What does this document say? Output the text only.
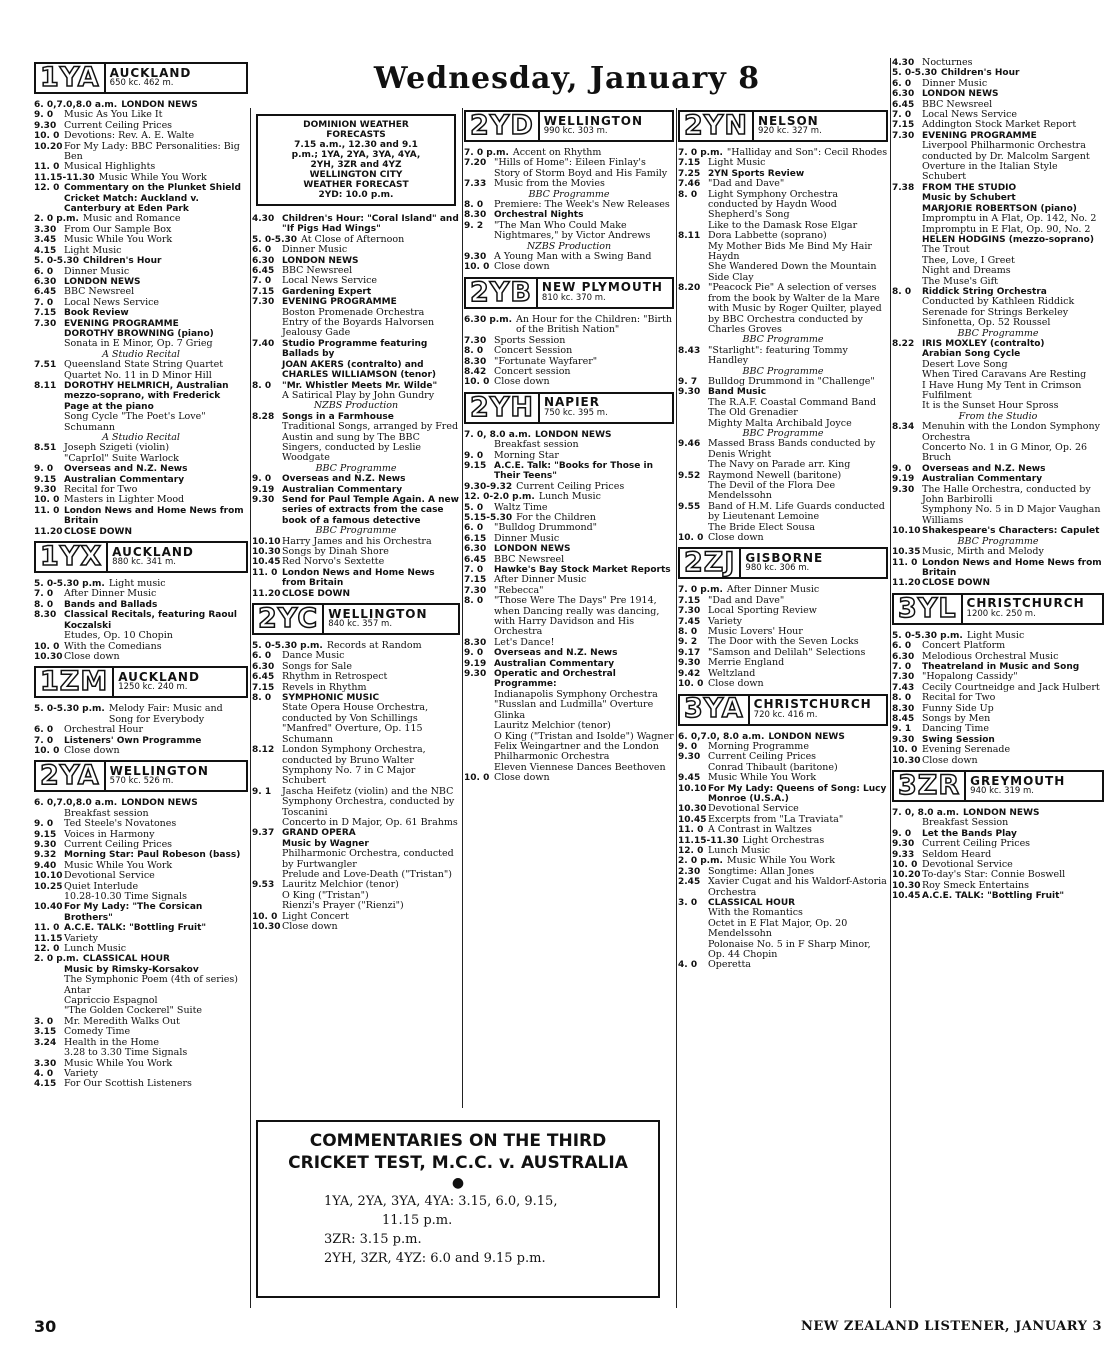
Wednesday, January 8
1YA AUCKLAND
650 kc. 462 m.
6. 0,7.0,8.0 a.m. LONDON NEWS
9. 0	Music As You Like It
9.30 Current Ceiling Prices
10. 0 Devotions: Rev. A. E. Walte
10.20 For My Lady: BBC Personalities: Big Ben
11. 0 Musical Highlights
11.15-11.30 Music While You Work
12. 0 Commentary on the Plunket Shield Cricket Match: Auckland v. Canterbury at Eden Park
2. 0 p.m. Music and Romance
3.30 From Our Sample Box
3.45 Music While You Work
4.15 Light Music
5. 0-5.30 Children's Hour
6. 0	Dinner Music
6.30 LONDON NEWS
6.45 BBC Newsreel
7. 0	Local News Service
7.15 Book Review
7.30 EVENING PROGRAMME
DOROTHY BROWNING (piano)
Sonata in E Minor, Op. 7 Grieg
A Studio Recital
7.51 Queensland State String Quartet
Quartet No. 11 in D Minor Hill
8.11 DOROTHY HELMRICH, Australian mezzo-soprano, with Frederick Page at the piano
Song Cycle "The Poet's Love" Schumann
A Studio Recital
8.51 Joseph Szigeti (violin)
"CaprIol" Suite Warlock
9. 0	Overseas and N.Z. News
9.15 Australian Commentary
9.30 Recital for Two
10. 0 Masters in Lighter Mood
11. 0 London News and Home News from Britain
11.20 CLOSE DOWN
1YX AUCKLAND
880 kc. 341 m.
5. 0-5.30 p.m. Light music
7. 0	After Dinner Music
8. 0	Bands and Ballads
8.30 Classical Recitals, featuring Raoul Koczalski
Etudes, Op. 10 Chopin
10. 0 With the Comedians
10.30 Close down
1ZM AUCKLAND
1250 kc. 240 m.
5. 0-5.30 p.m. Melody Fair: Music and Song for Everybody
6. 0	Orchestral Hour
7. 0	Listeners' Own Programme
10. 0 Close down
2YA WELLINGTON
570 kc. 526 m.
6. 0,7.0,8.0 a.m. LONDON NEWS
Breakfast session
9. 0	Ted Steele's Novatones
9.15 Voices in Harmony
9.30 Current Ceiling Prices
9.32 Morning Star: Paul Robeson (bass)
9.40 Music While You Work
10.10 Devotional Service
10.25 Quiet Interlude
10.28-10.30 Time Signals
10.40 For My Lady: "The Corsican Brothers"
11. 0 A.C.E. TALK: "Bottling Fruit"
11.15 Variety
12. 0 Lunch Music
2. 0 p.m. CLASSICAL HOUR
Music by Rimsky-Korsakov
The Symphonic Poem (4th of series)
Antar
Capriccio Espagnol
"The Golden Cockerel" Suite
3. 0	Mr. Meredith Walks Out
3.15 Comedy Time
3.24 Health in the Home
3.28 to 3.30 Time Signals
3.30 Music While You Work
4. 0	Variety
4.15 For Our Scottish Listeners
DOMINION WEATHER
FORECASTS
7.15 a.m., 12.30 and 9.1
p.m.; 1YA, 2YA, 3YA, 4YA,
2YH, 3ZR and 4YZ
WELLINGTON CITY
WEATHER FORECAST
2YD: 10.0 p.m.
4.30 Children's Hour: "Coral Island" and "If Pigs Had Wings"
5. 0-5.30 At Close of Afternoon
6. 0	Dinner Music
6.30 LONDON NEWS
6.45 BBC Newsreel
7. 0	Local News Service
7.15 Gardening Expert
7.30 EVENING PROGRAMME
Boston Promenade Orchestra
Entry of the Boyards Halvorsen
Jealousy Gade
7.40 Studio Programme featuring Ballads by
JOAN AKERS (contralto) and
CHARLES WILLIAMSON (tenor)
8. 0	"Mr. Whistler Meets Mr. Wilde"
A Satirical Play by John Gundry
NZBS Production
8.28 Songs in a Farmhouse
Traditional Songs, arranged by Fred Austin and sung by The BBC Singers, conducted by Leslie Woodgate
BBC Programme
9. 0	Overseas and N.Z. News
9.19 Australian Commentary
9.30 Send for Paul Temple Again. A new series of extracts from the case book of a famous detective
BBC Programme
10.10 Harry James and his Orchestra
10.30 Songs by Dinah Shore
10.45 Red Norvo's Sextette
11. 0 London News and Home News from Britain
11.20 CLOSE DOWN
2YC WELLINGTON
840 kc. 357 m.
5. 0-5.30 p.m. Records at Random
6. 0	Dance Music
6.30 Songs for Sale
6.45 Rhythm in Retrospect
7.15 Revels in Rhythm
8. 0	SYMPHONIC MUSIC
State Opera House Orchestra, conducted by Von Schillings
"Manfred" Overture, Op. 115 Schumann
8.12 London Symphony Orchestra, conducted by Bruno Walter
Symphony No. 7 in C Major Schubert
9. 1	Jascha Heifetz (violin) and the NBC Symphony Orchestra, conducted by Toscanini
Concerto in D Major, Op. 61 Brahms
9.37 GRAND OPERA
Music by Wagner
Philharmonic Orchestra, conducted by Furtwangler
Prelude and Love-Death ("Tristan")
9.53 Lauritz Melchior (tenor)
O King ("Tristan")
Rienzi's Prayer ("Rienzi")
10. 0 Light Concert
10.30 Close down
2YD WELLINGTON
990 kc. 303 m.
7. 0 p.m. Accent on Rhythm
7.20 "Hills of Home": Eileen Finlay's Story of Storm Boyd and His Family
7.33 Music from the Movies
BBC Programme
8. 0	Premiere: The Week's New Releases
8.30 Orchestral Nights
9. 2	"The Man Who Could Make Nightmares," by Victor Andrews
NZBS Production
9.30 A Young Man with a Swing Band
10. 0 Close down
2YB NEW PLYMOUTH
810 kc. 370 m.
6.30 p.m. An Hour for the Children: "Birth of the British Nation"
7.30 Sports Session
8. 0	Concert Session
8.30 "Fortunate Wayfarer"
8.42 Concert session
10. 0 Close down
2YH NAPIER
750 kc. 395 m.
7. 0, 8.0 a.m. LONDON NEWS
Breakfast session
9. 0	Morning Star
9.15 A.C.E. Talk: "Books for Those in Their Teens"
9.30-9.32 Current Ceiling Prices
12. 0-2.0 p.m. Lunch Music
5. 0	Waltz Time
5.15-5.30 For the Children
6. 0	"Bulldog Drummond"
6.15 Dinner Music
6.30 LONDON NEWS
6.45 BBC Newsreel
7. 0	Hawke's Bay Stock Market Reports
7.15 After Dinner Music
7.30 "Rebecca"
8. 0	"Those Were The Days" Pre 1914, when Dancing really was dancing, with Harry Davidson and His Orchestra
8.30 Let's Dance!
9. 0	Overseas and N.Z. News
9.19 Australian Commentary
9.30 Operatic and Orchestral Programme:
Indianapolis Symphony Orchestra
"Russlan and Ludmilla" Overture Glinka
Lauritz Melchior (tenor)
O King ("Tristan and Isolde") Wagner
Felix Weingartner and the London Philharmonic Orchestra
Eleven Viennese Dances Beethoven
10. 0 Close down
2YN NELSON
920 kc. 327 m.
7. 0 p.m. "Halliday and Son": Cecil Rhodes
7.15 Light Music
7.25 2YN Sports Review
7.46 "Dad and Dave"
8. 0	Light Symphony Orchestra conducted by Haydn Wood
Shepherd's Song
Like to the Damask Rose Elgar
8.11 Dora Labbette (soprano)
My Mother Bids Me Bind My Hair Haydn
She Wandered Down the Mountain Side Clay
8.20 "Peacock Pie" A selection of verses from the book by Walter de la Mare with Music by Roger Quilter, played by BBC Orchestra conducted by Charles Groves
BBC Programme
8.43 "Starlight": featuring Tommy Handley
BBC Programme
9. 7	Bulldog Drummond in "Challenge"
9.30 Band Music
The R.A.F. Coastal Command Band
The Old Grenadier
Mighty Malta Archibald Joyce
BBC Programme
9.46 Massed Brass Bands conducted by Denis Wright
The Navy on Parade arr. King
9.52 Raymond Newell (baritone)
The Devil of the Flora Dee Mendelssohn
9.55 Band of H.M. Life Guards conducted by Lieutenant Lemoine
The Bride Elect Sousa
10. 0 Close down
2ZJ GISBORNE
980 kc. 306 m.
7. 0 p.m. After Dinner Music
7.15 "Dad and Dave"
7.30 Local Sporting Review
7.45 Variety
8. 0	Music Lovers' Hour
9. 2	The Door with the Seven Locks
9.17 "Samson and Delilah" Selections
9.30 Merrie England
9.42 Weltzland
10. 0 Close down
3YA CHRISTCHURCH
720 kc. 416 m.
6. 0,7.0, 8.0 a.m. LONDON NEWS
9. 0	Morning Programme
9.30 Current Ceiling Prices
Conrad Thibault (baritone)
9.45 Music While You Work
10.10 For My Lady: Queens of Song: Lucy Monroe (U.S.A.)
10.30 Devotional Service
10.45 Excerpts from "La Traviata"
11. 0 A Contrast in Waltzes
11.15-11.30 Light Orchestras
12. 0 Lunch Music
2. 0 p.m. Music While You Work
2.30 Songtime: Allan Jones
2.45 Xavier Cugat and his Waldorf-Astoria Orchestra
3. 0	CLASSICAL HOUR
With the Romantics
Octet in E Flat Major, Op. 20 Mendelssohn
Polonaise No. 5 in F Sharp Minor, Op. 44 Chopin
4. 0	Operetta
4.30 Nocturnes
5. 0-5.30 Children's Hour
6. 0	Dinner Music
6.30 LONDON NEWS
6.45 BBC Newsreel
7. 0	Local News Service
7.15 Addington Stock Market Report
7.30 EVENING PROGRAMME
Liverpool Philharmonic Orchestra conducted by Dr. Malcolm Sargent
Overture in the Italian Style Schubert
7.38 FROM THE STUDIO
Music by Schubert
MARJORIE ROBERTSON (piano)
Impromptu in A Flat, Op. 142, No. 2
Impromptu in E Flat, Op. 90, No. 2
HELEN HODGINS (mezzo-soprano)
The Trout
Thee, Love, I Greet
Night and Dreams
The Muse's Gift
8. 0	Riddick String Orchestra
Conducted by Kathleen Riddick
Serenade for Strings Berkeley
Sinfonetta, Op. 52 Roussel
BBC Programme
8.22 IRIS MOXLEY (contralto)
Arabian Song Cycle
Desert Love Song
When Tired Caravans Are Resting
I Have Hung My Tent in Crimson
Fulfilment
It is the Sunset Hour Spross
From the Studio
8.34 Menuhin with the London Symphony Orchestra
Concerto No. 1 in G Minor, Op. 26 Bruch
9. 0	Overseas and N.Z. News
9.19 Australian Commentary
9.30 The Halle Orchestra, conducted by John Barbirolli
Symphony No. 5 in D Major Vaughan Williams
10.10 Shakespeare's Characters: Capulet
BBC Programme
10.35 Music, Mirth and Melody
11. 0 London News and Home News from Britain
11.20 CLOSE DOWN
3YL CHRISTCHURCH
1200 kc. 250 m.
5. 0-5.30 p.m. Light Music
6. 0	Concert Platform
6.30 Melodious Orchestral Music
7. 0	Theatreland in Music and Song
7.30 "Hopalong Cassidy"
7.43 Cecily Courtneidge and Jack Hulbert
8. 0	Recital for Two
8.30 Funny Side Up
8.45 Songs by Men
9. 1	Dancing Time
9.30 Swing Session
10. 0 Evening Serenade
10.30 Close down
3ZR GREYMOUTH
940 kc. 319 m.
7. 0, 8.0 a.m. LONDON NEWS
Breakfast Session
9. 0	Let the Bands Play
9.30 Current Ceiling Prices
9.33 Seldom Heard
10. 0 Devotional Service
10.20 To-day's Star: Connie Boswell
10.30 Roy Smeck Entertains
10.45 A.C.E. TALK: "Bottling Fruit"
COMMENTARIES ON THE THIRD
CRICKET TEST, M.C.C. v. AUSTRALIA
●
1YA, 2YA, 3YA, 4YA: 3.15, 6.0, 9.15,
11.15 p.m.
3ZR: 3.15 p.m.
2YH, 3ZR, 4YZ: 6.0 and 9.15 p.m.
30	NEW ZEALAND LISTENER, JANUARY 3
